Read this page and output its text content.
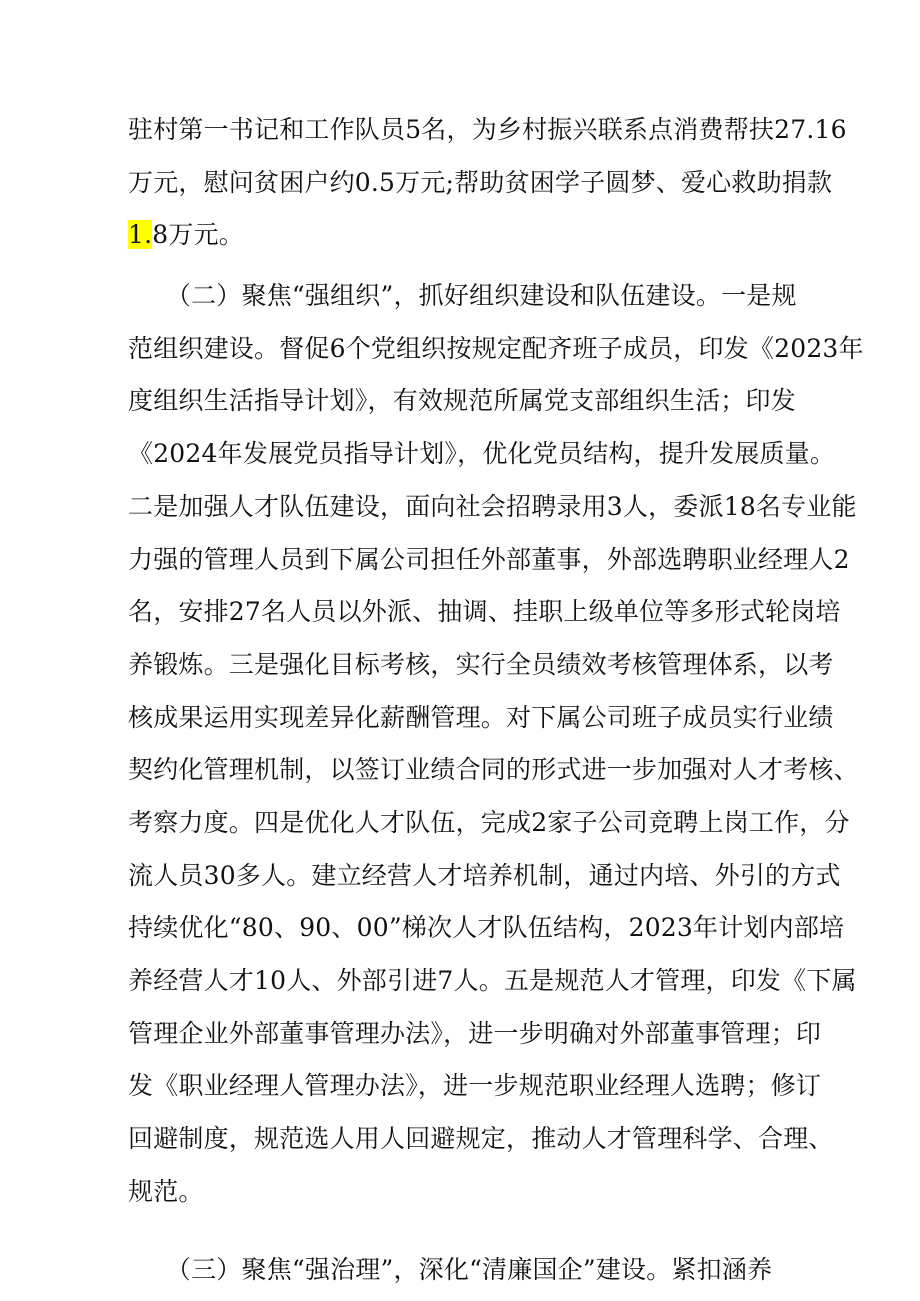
驻村第一书记和工作队员5名，为乡村振兴联系点消费帮扶27.16
万元，慰问贫困户约0.5万元;帮助贫困学子圆梦、爱心救助捐款
1.8万元。
　　（二）聚焦“强组织”，抓好组织建设和队伍建设。一是规
范组织建设。督促6个党组织按规定配齐班子成员，印发《2023年
度组织生活指导计划》，有效规范所属党支部组织生活；印发
《2024年发展党员指导计划》，优化党员结构，提升发展质量。
二是加强人才队伍建设，面向社会招聘录用3人，委派18名专业能
力强的管理人员到下属公司担任外部董事，外部选聘职业经理人2
名，安排27名人员以外派、抽调、挂职上级单位等多形式轮岗培
养锻炼。三是强化目标考核，实行全员绩效考核管理体系，以考
核成果运用实现差异化薪酬管理。对下属公司班子成员实行业绩
契约化管理机制，以签订业绩合同的形式进一步加强对人才考核、
考察力度。四是优化人才队伍，完成2家子公司竞聘上岗工作，分
流人员30多人。建立经营人才培养机制，通过内培、外引的方式
持续优化“80、90、00”梯次人才队伍结构，2023年计划内部培
养经营人才10人、外部引进7人。五是规范人才管理，印发《下属
管理企业外部董事管理办法》，进一步明确对外部董事管理；印
发《职业经理人管理办法》，进一步规范职业经理人选聘；修订
回避制度，规范选人用人回避规定，推动人才管理科学、合理、
规范。
　　（三）聚焦“强治理”，深化“清廉国企”建设。紧扣涵养
